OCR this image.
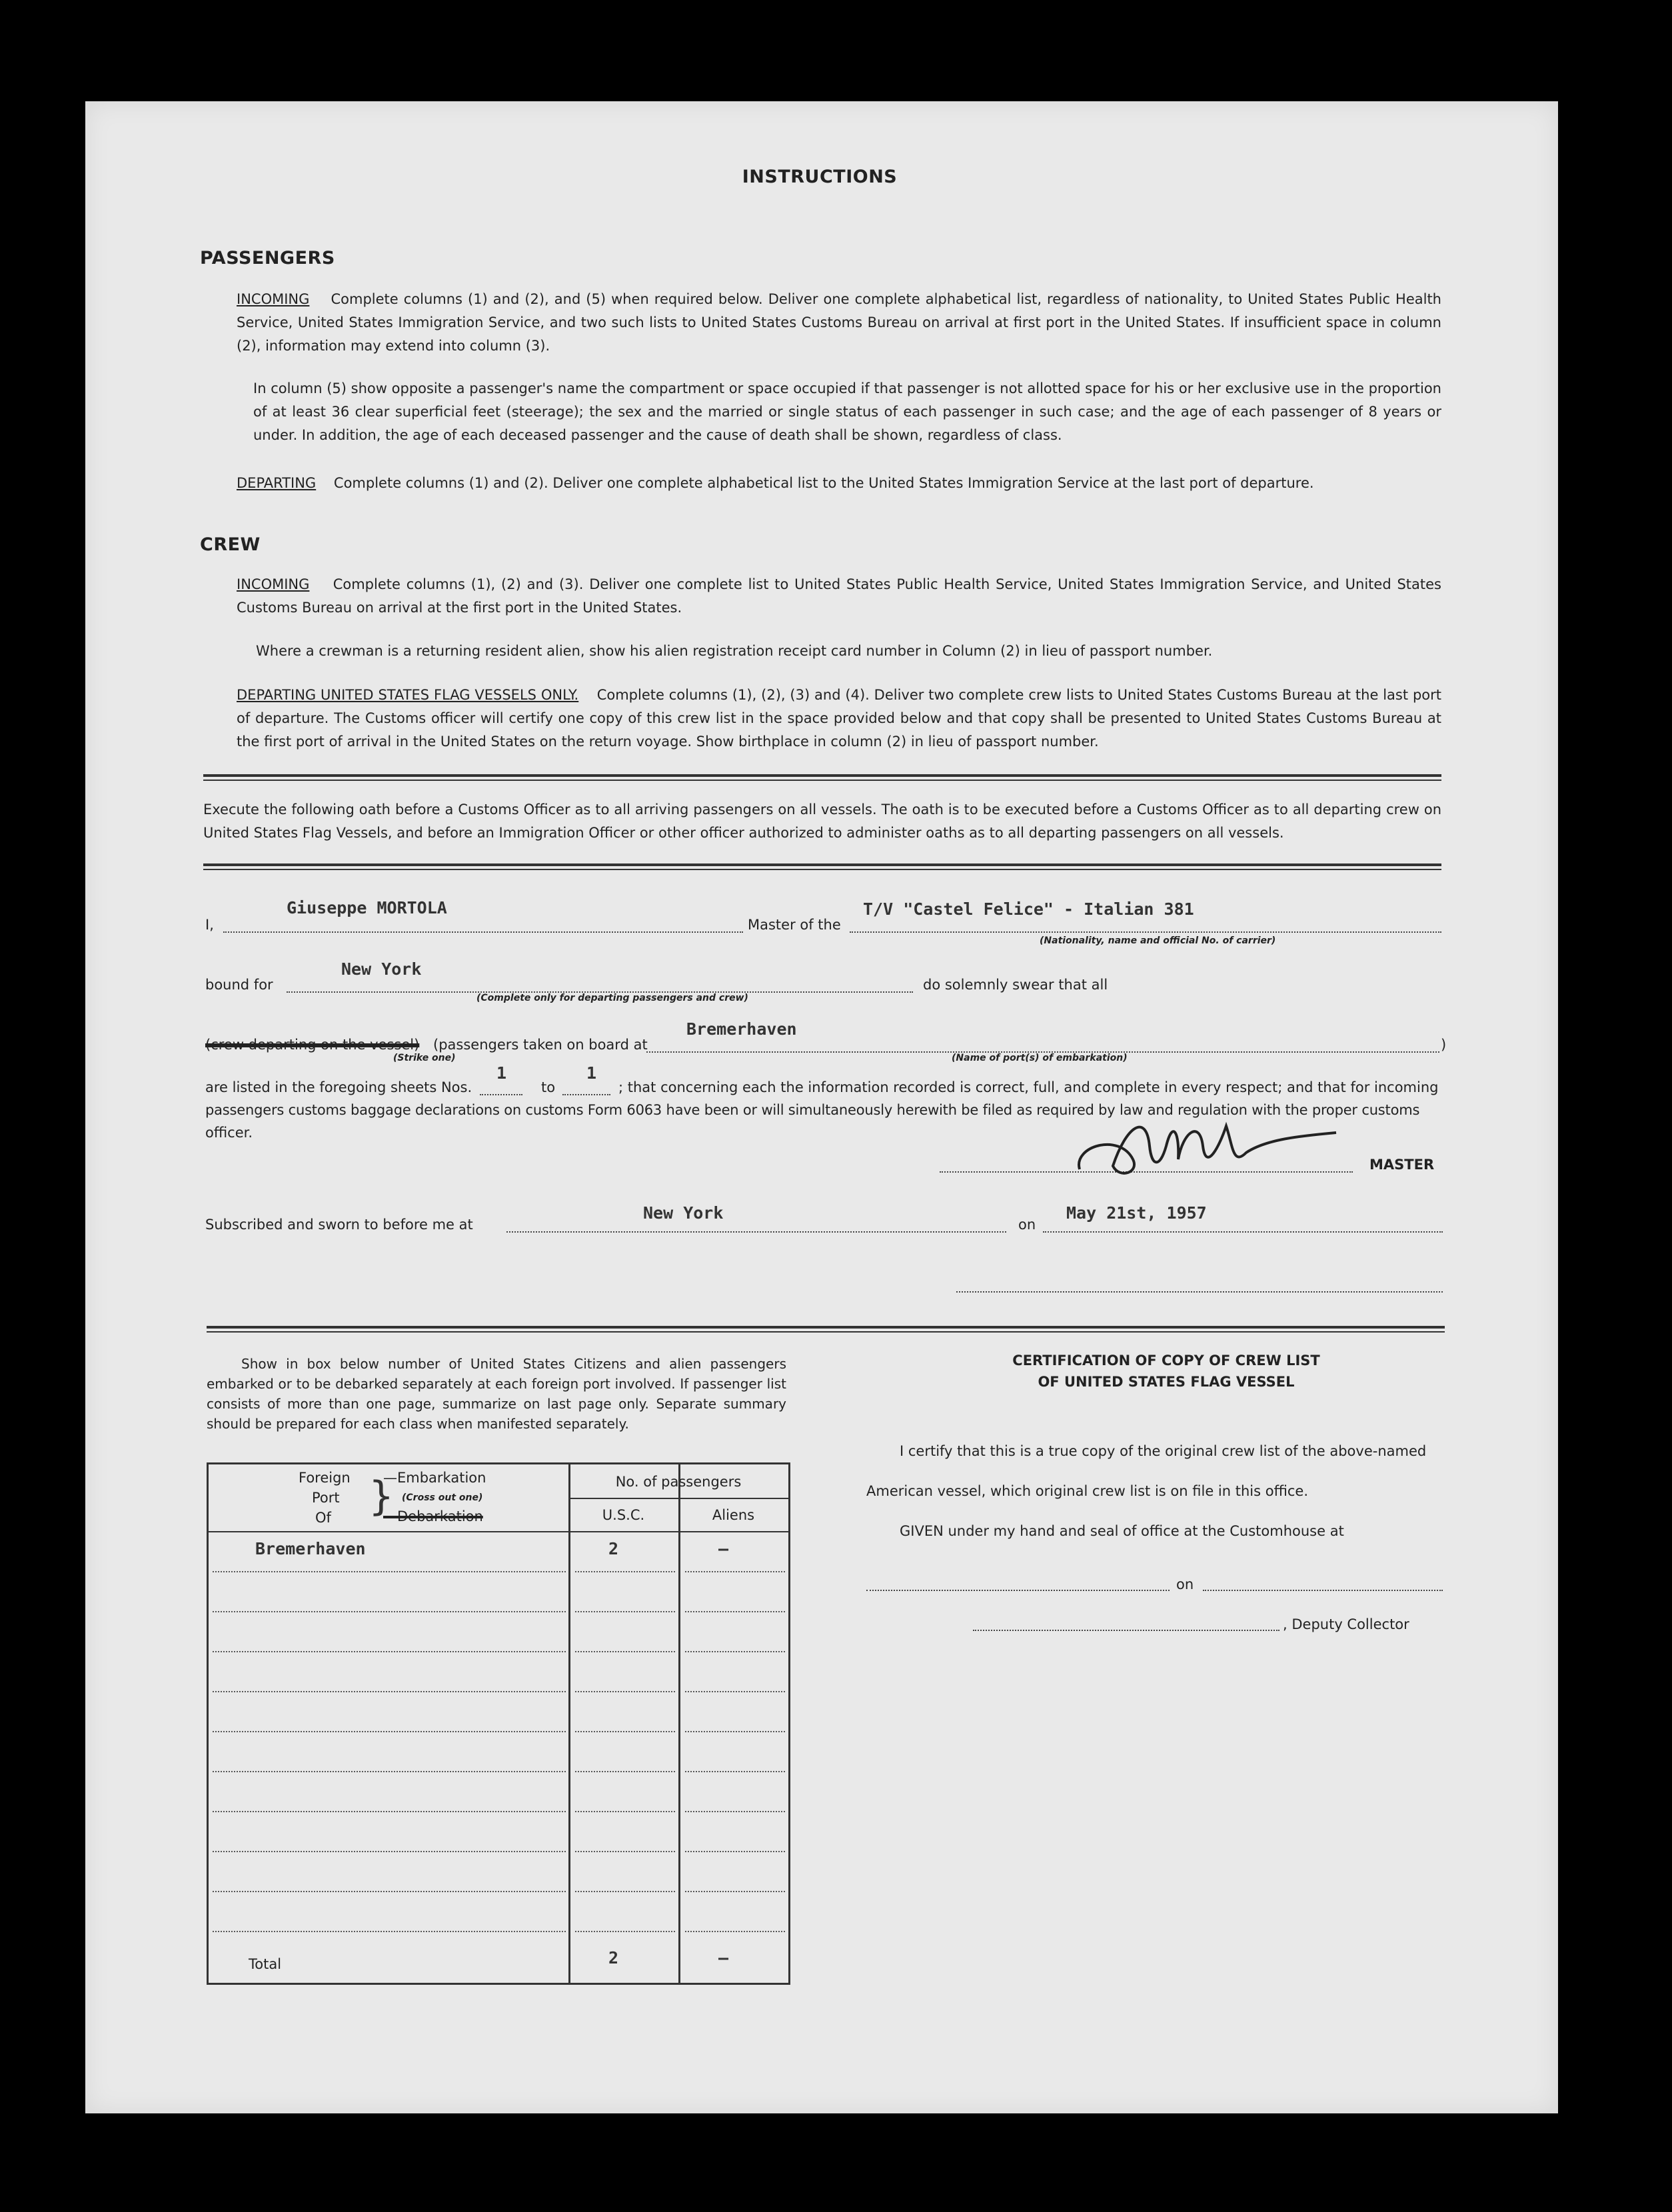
INSTRUCTIONS
PASSENGERS
INCOMING Complete columns (1) and (2), and (5) when required below. Deliver one complete alphabetical list, regardless of nationality, to United States Public Health Service, United States Immigration Service, and two such lists to United States Customs Bureau on arrival at first port in the United States. If insufficient space in column (2), information may extend into column (3).
In column (5) show opposite a passenger's name the compartment or space occupied if that passenger is not allotted space for his or her exclusive use in the proportion of at least 36 clear superficial feet (steerage); the sex and the married or single status of each passenger in such case; and the age of each passenger of 8 years or under. In addition, the age of each deceased passenger and the cause of death shall be shown, regardless of class.
DEPARTING Complete columns (1) and (2). Deliver one complete alphabetical list to the United States Immigration Service at the last port of departure.
CREW
INCOMING Complete columns (1), (2) and (3). Deliver one complete list to United States Public Health Service, United States Immigration Service, and United States Customs Bureau on arrival at the first port in the United States.
Where a crewman is a returning resident alien, show his alien registration receipt card number in Column (2) in lieu of passport number.
DEPARTING UNITED STATES FLAG VESSELS ONLY. Complete columns (1), (2), (3) and (4). Deliver two complete crew lists to United States Customs Bureau at the last port of departure. The Customs officer will certify one copy of this crew list in the space provided below and that copy shall be presented to United States Customs Bureau at the first port of arrival in the United States on the return voyage. Show birthplace in column (2) in lieu of passport number.
Execute the following oath before a Customs Officer as to all arriving passengers on all vessels. The oath is to be executed before a Customs Officer as to all departing crew on United States Flag Vessels, and before an Immigration Officer or other officer authorized to administer oaths as to all departing passengers on all vessels.
I,
Giuseppe MORTOLA
Master of the
T/V "Castel Felice" - Italian 381
(Nationality, name and official No. of carrier)
bound for
New York
(Complete only for departing passengers and crew)
do solemnly swear that all
(crew departing on the vessel) (passengers taken on board at
(Strike one)
Bremerhaven
(Name of port(s) of embarkation)
)
are listed in the foregoing sheets Nos.
1
to
1
; that concerning each the information recorded is correct, full, and complete in every respect; and that for incoming
passengers customs baggage declarations on customs Form 6063 have been or will simultaneously herewith be filed as required by law and regulation with the proper customs
officer.
MASTER
Subscribed and sworn to before me at
New York
on
May 21st, 1957
Show in box below number of United States Citizens and alien passengers embarked or to be debarked separately at each foreign port involved. If passenger list consists of more than one page, summarize on last page only. Separate summary should be prepared for each class when manifested separately.
Foreign
Port
Of }
—Embarkation
(Cross out one)
—Debarkation
No. of passengers
U.S.C.	Aliens
Bremerhaven	2	–
Total	2	–
CERTIFICATION OF COPY OF CREW LIST
OF UNITED STATES FLAG VESSEL
I certify that this is a true copy of the original crew list of the above-named
American vessel, which original crew list is on file in this office.
GIVEN under my hand and seal of office at the Customhouse at
on
, Deputy Collector
